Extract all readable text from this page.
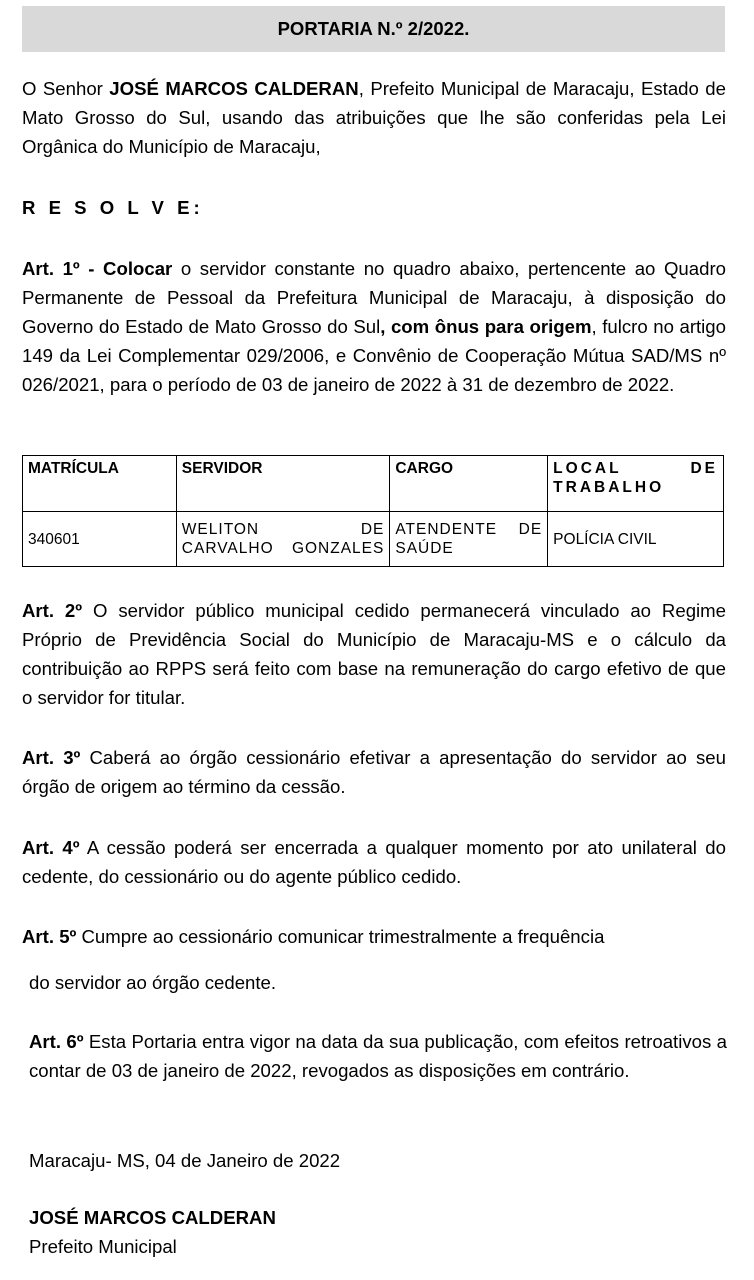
PORTARIA N.º 2/2022.

O Senhor JOSÉ MARCOS CALDERAN, Prefeito Municipal de Maracaju, Estado de Mato Grosso do Sul, usando das atribuições que lhe são conferidas pela Lei Orgânica do Município de Maracaju,

R E S O L V E:

Art. 1º - Colocar o servidor constante no quadro abaixo, pertencente ao Quadro Permanente de Pessoal da Prefeitura Municipal de Maracaju, à disposição do Governo do Estado de Mato Grosso do Sul, com ônus para origem, fulcro no artigo 149 da Lei Complementar 029/2006, e Convênio de Cooperação Mútua SAD/MS nº 026/2021, para o período de 03 de janeiro de 2022 à 31 de dezembro de 2022.

MATRÍCULA	SERVIDOR	CARGO	LOCAL DE TRABALHO
340601	WELITON DE CARVALHO GONZALES	ATENDENTE DE SAÚDE	POLÍCIA CIVIL

Art. 2º O servidor público municipal cedido permanecerá vinculado ao Regime Próprio de Previdência Social do Município de Maracaju-MS e o cálculo da contribuição ao RPPS será feito com base na remuneração do cargo efetivo de que o servidor for titular.

Art. 3º Caberá ao órgão cessionário efetivar a apresentação do servidor ao seu órgão de origem ao término da cessão.

Art. 4º A cessão poderá ser encerrada a qualquer momento por ato unilateral do cedente, do cessionário ou do agente público cedido.

Art. 5º Cumpre ao cessionário comunicar trimestralmente a frequência

do servidor ao órgão cedente.

Art. 6º Esta Portaria entra vigor na data da sua publicação, com efeitos retroativos a contar de 03 de janeiro de 2022, revogados as disposições em contrário.

Maracaju- MS, 04 de Janeiro de 2022

JOSÉ MARCOS CALDERAN

Prefeito Municipal
